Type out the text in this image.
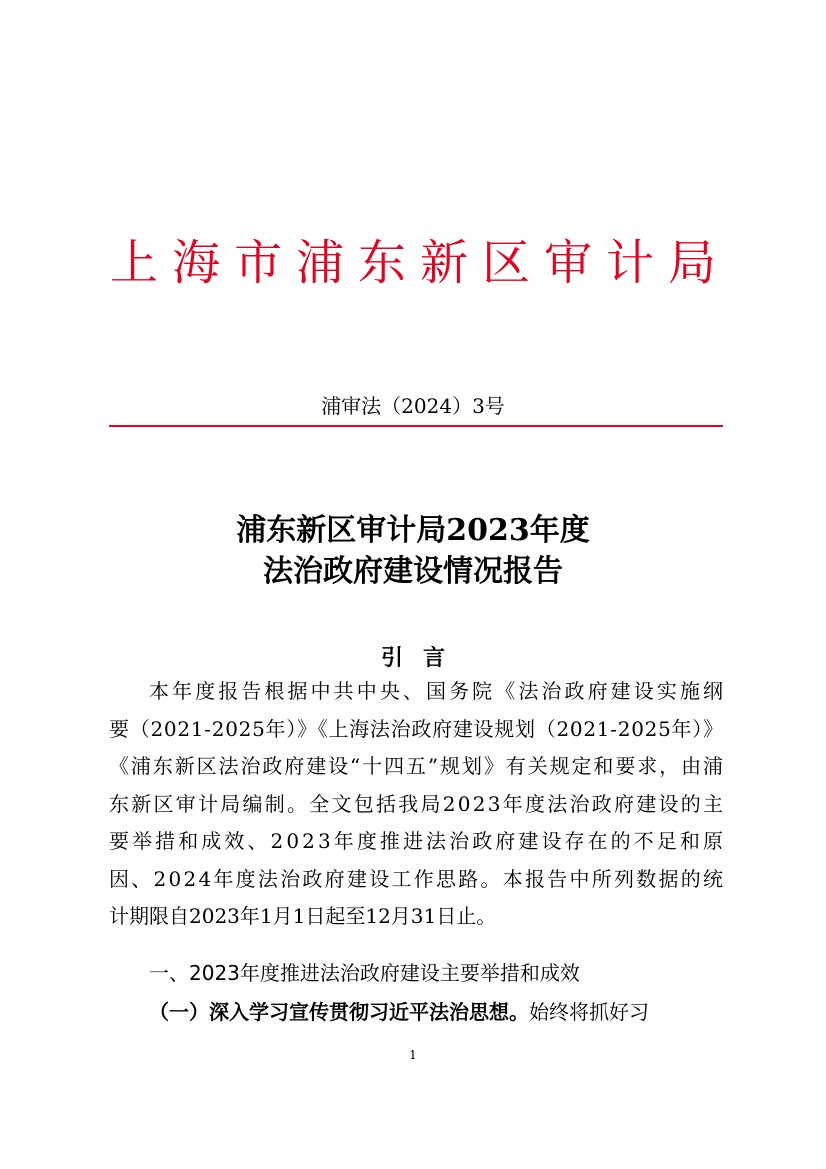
上海市浦东新区审计局
浦审法（2024）3号
浦东新区审计局2023年度
法治政府建设情况报告
引言
本年度报告根据中共中央、国务院《法治政府建设实施纲
要（2021-2025年）》《上海法治政府建设规划（2021-2025年）》
《浦东新区法治政府建设“十四五”规划》有关规定和要求，由浦
东新区审计局编制。全文包括我局2023年度法治政府建设的主
要举措和成效、2023年度推进法治政府建设存在的不足和原
因、2024年度法治政府建设工作思路。本报告中所列数据的统
计期限自2023年1月1日起至12月31日止。
一、2023年度推进法治政府建设主要举措和成效
（一）深入学习宣传贯彻习近平法治思想。始终将抓好习
1
